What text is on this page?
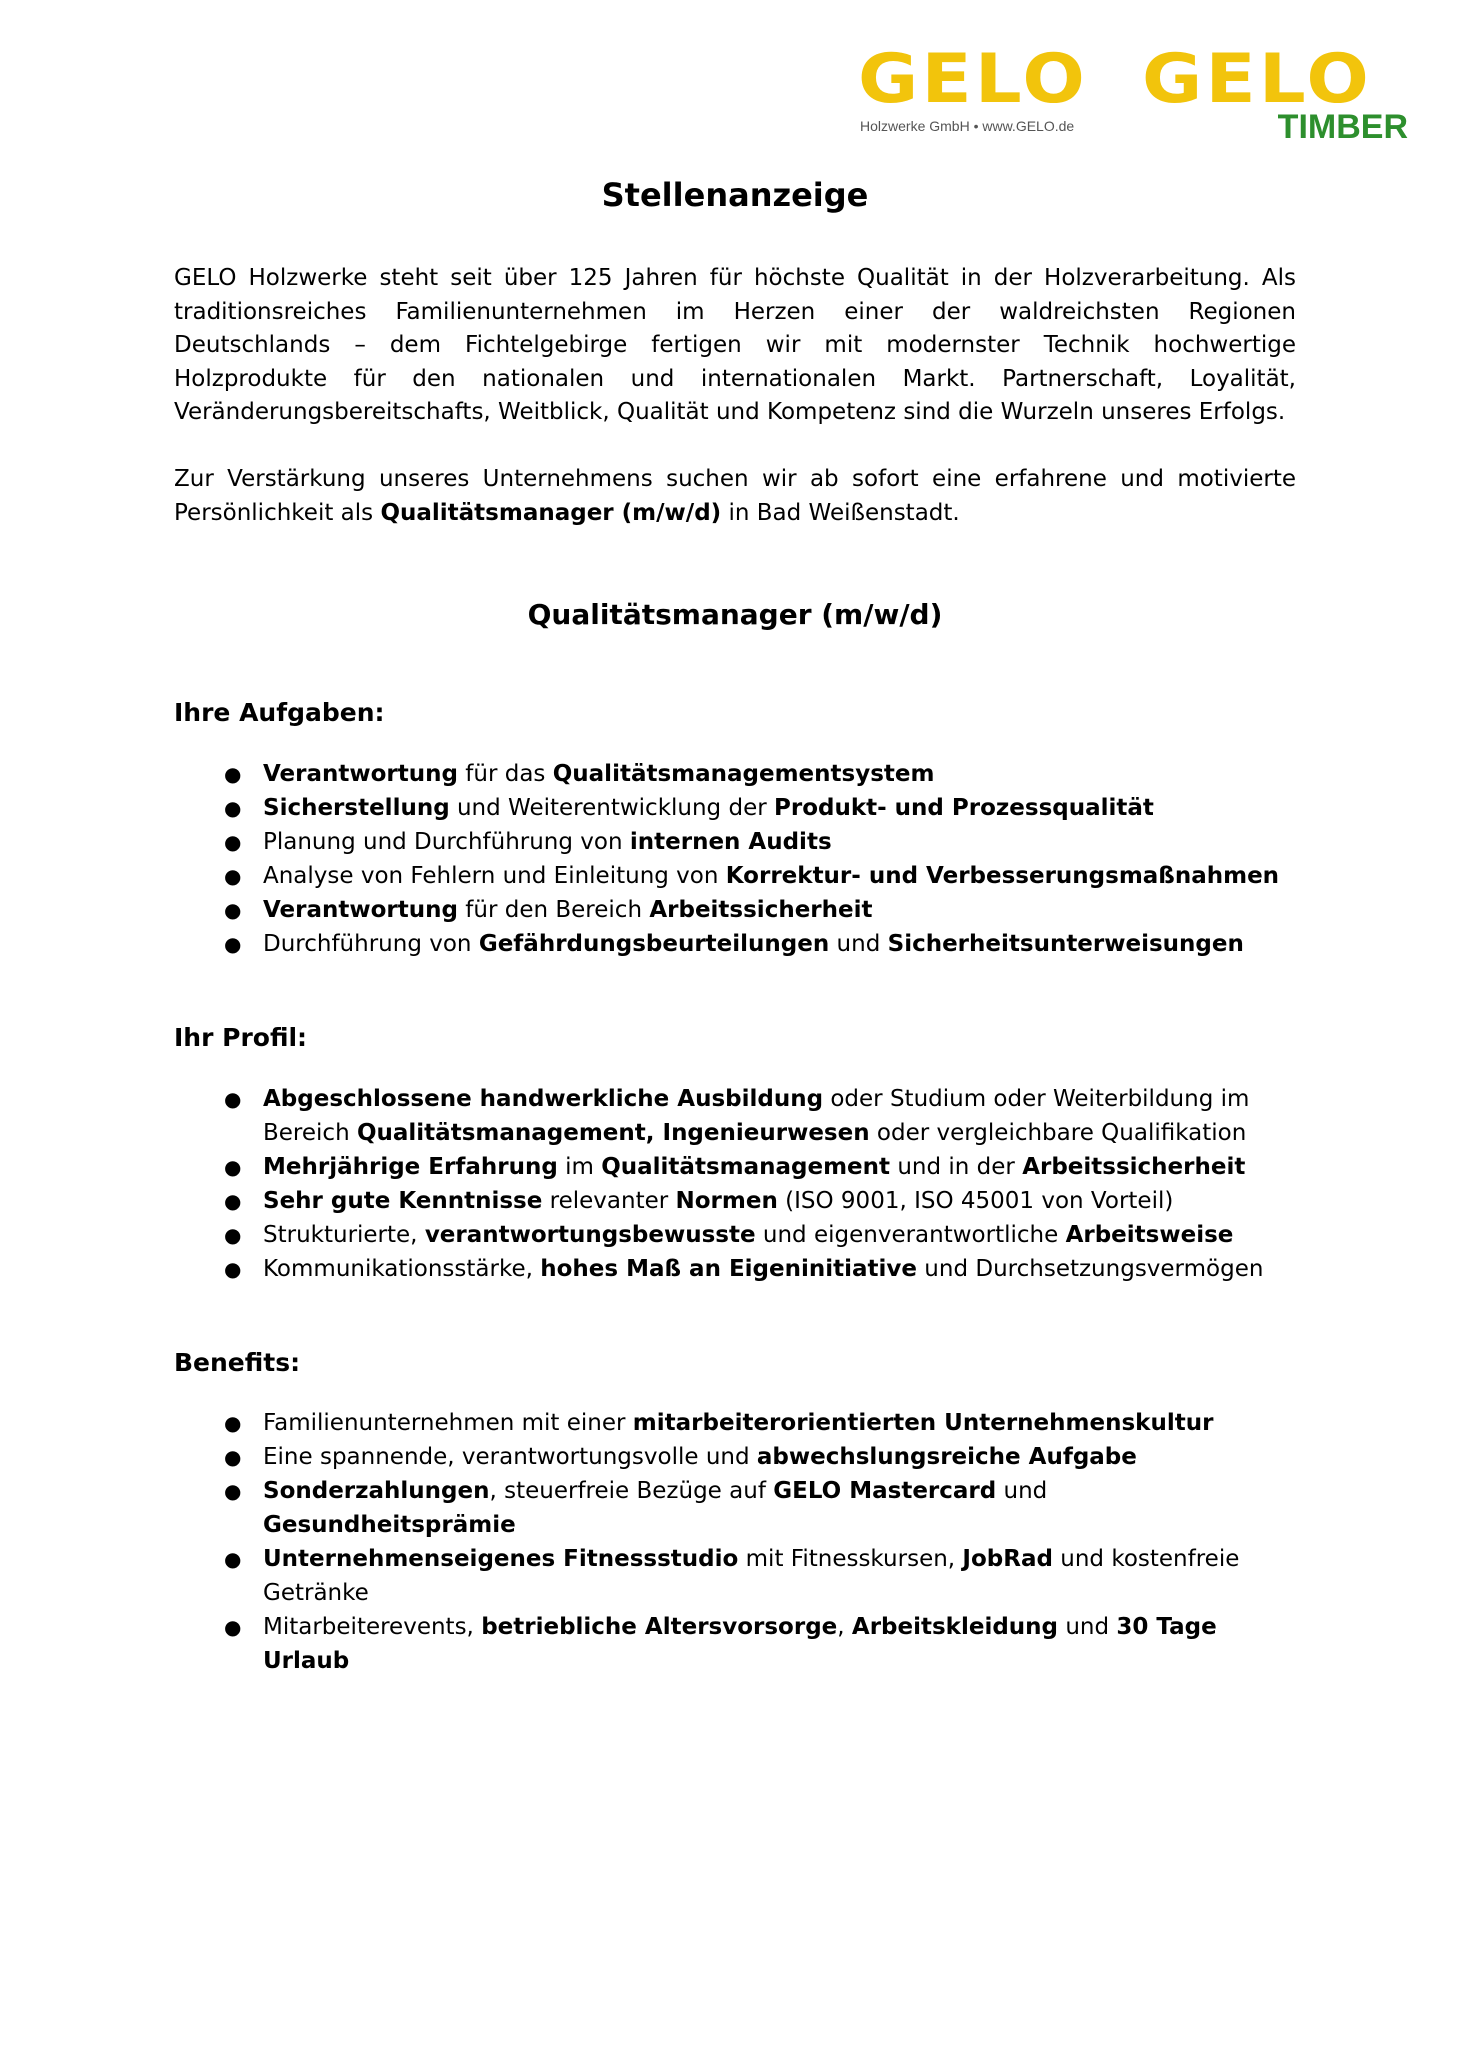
GELO
Holzwerke GmbH • www.GELO.de
GELO
TIMBER
Stellenanzeige

GELO Holzwerke steht seit über 125 Jahren für höchste Qualität in der Holzverarbeitung. Als traditionsreiches Familienunternehmen im Herzen einer der waldreichsten Regionen Deutschlands – dem Fichtelgebirge fertigen wir mit modernster Technik hochwertige Holzprodukte für den nationalen und internationalen Markt. Partnerschaft, Loyalität, Veränderungsbereitschafts, Weitblick, Qualität und Kompetenz sind die Wurzeln unseres Erfolgs.

Zur Verstärkung unseres Unternehmens suchen wir ab sofort eine erfahrene und motivierte Persönlichkeit als Qualitätsmanager (m/w/d) in Bad Weißenstadt.

Qualitätsmanager (m/w/d)
Ihre Aufgaben:
● Verantwortung für das Qualitätsmanagementsystem
● Sicherstellung und Weiterentwicklung der Produkt- und Prozessqualität
● Planung und Durchführung von internen Audits
● Analyse von Fehlern und Einleitung von Korrektur- und Verbesserungsmaßnahmen
● Verantwortung für den Bereich Arbeitssicherheit
● Durchführung von Gefährdungsbeurteilungen und Sicherheitsunterweisungen
Ihr Profil:
● Abgeschlossene handwerkliche Ausbildung oder Studium oder Weiterbildung im Bereich Qualitätsmanagement, Ingenieurwesen oder vergleichbare Qualifikation
● Mehrjährige Erfahrung im Qualitätsmanagement und in der Arbeitssicherheit
● Sehr gute Kenntnisse relevanter Normen (ISO 9001, ISO 45001 von Vorteil)
● Strukturierte, verantwortungsbewusste und eigenverantwortliche Arbeitsweise
● Kommunikationsstärke, hohes Maß an Eigeninitiative und Durchsetzungsvermögen
Benefits:
● Familienunternehmen mit einer mitarbeiterorientierten Unternehmenskultur
● Eine spannende, verantwortungsvolle und abwechslungsreiche Aufgabe
● Sonderzahlungen, steuerfreie Bezüge auf GELO Mastercard und Gesundheitsprämie
● Unternehmenseigenes Fitnessstudio mit Fitnesskursen, JobRad und kostenfreie Getränke
● Mitarbeiterevents, betriebliche Altersvorsorge, Arbeitskleidung und 30 Tage Urlaub
